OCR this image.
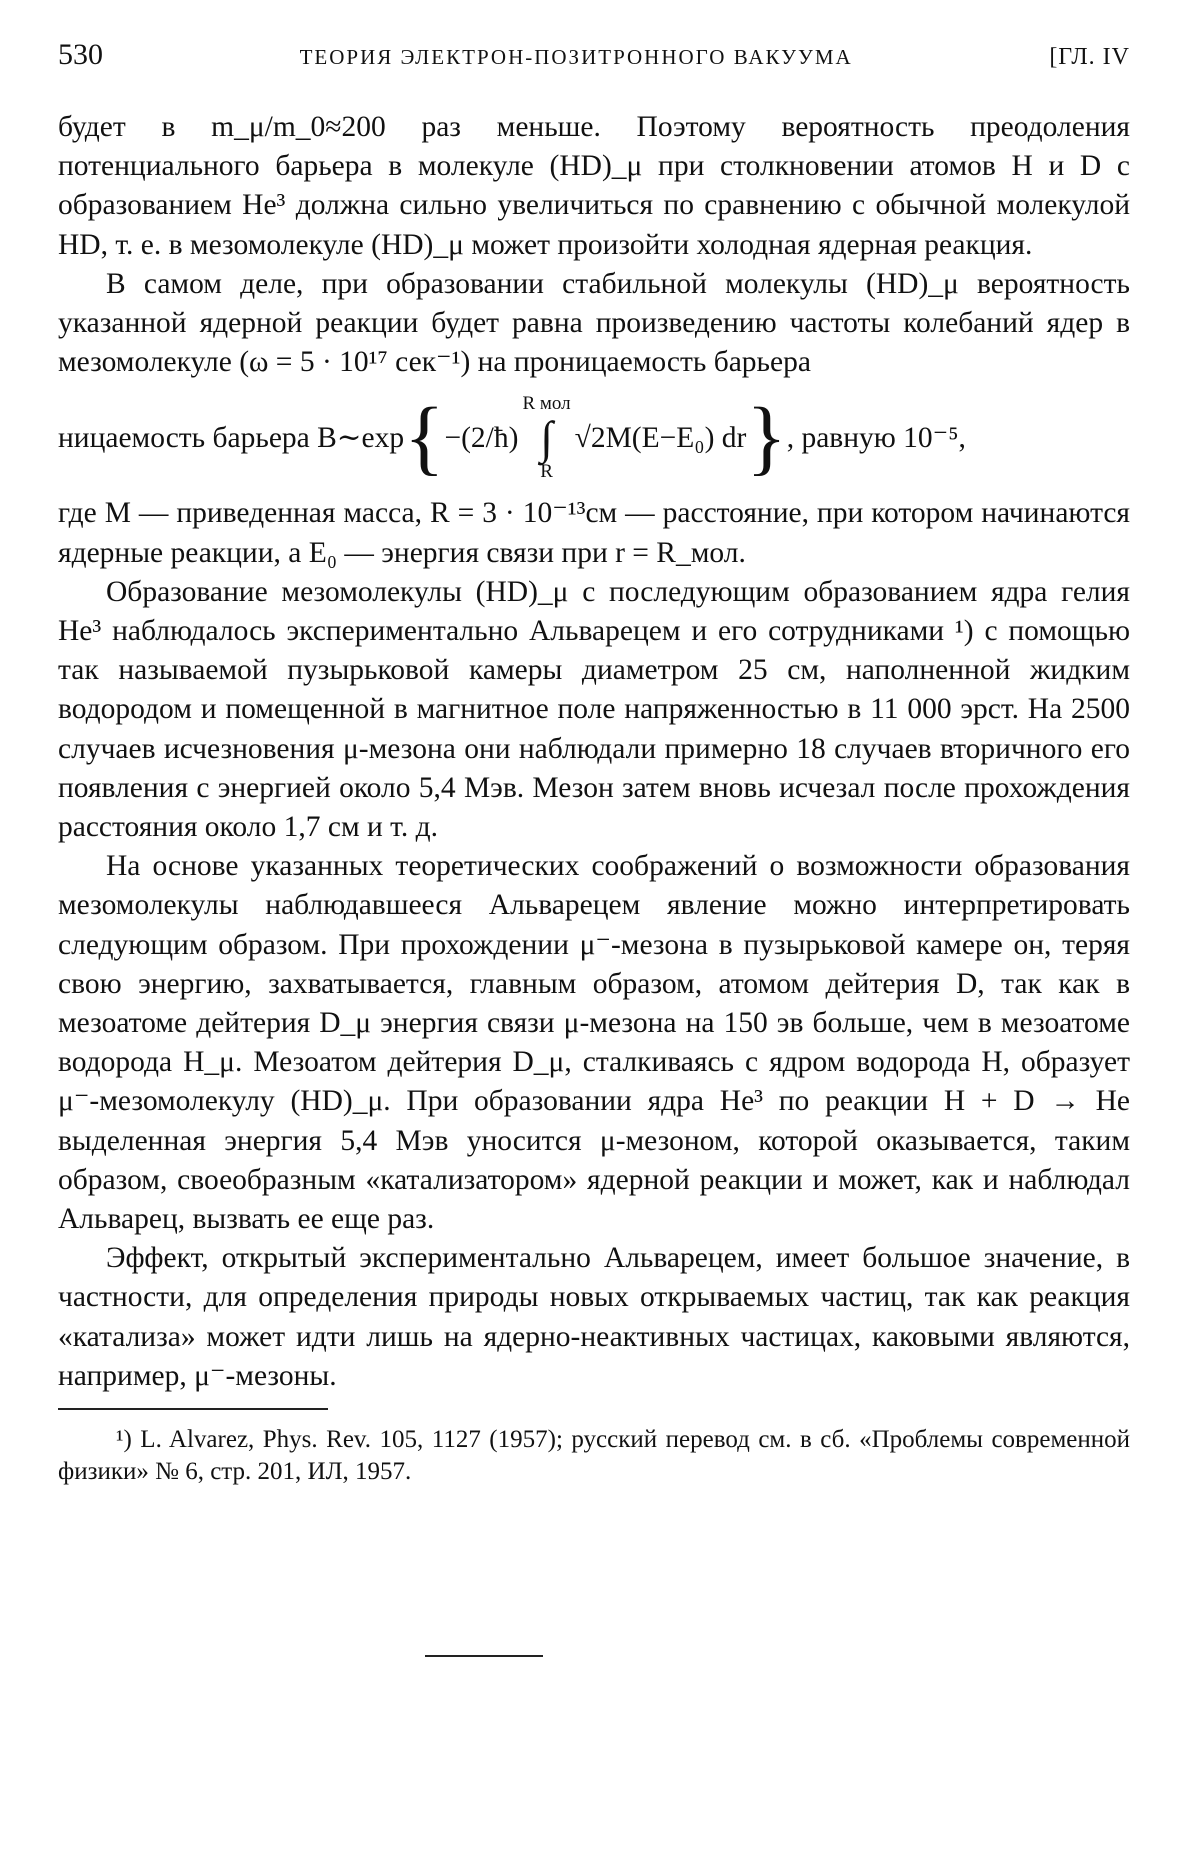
530	ТЕОРИЯ ЭЛЕКТРОН-ПОЗИТРОННОГО ВАКУУМА	[ГЛ. IV

будет в m_μ/m_0≈200 раз меньше. Поэтому вероятность преодоления потенциального барьера в молекуле (HD)_μ при столкновении атомов H и D с образованием He³ должна сильно увеличиться по сравнению с обычной молекулой HD, т. е. в мезомолекуле (HD)_μ может произойти холодная ядерная реакция.

В самом деле, при образовании стабильной молекулы (HD)_μ вероятность указанной ядерной реакции будет равна произведению частоты колебаний ядер в мезомолекуле (ω = 5 · 10¹⁷ сек⁻¹) на проницаемость барьера

ницаемость барьера B∼exp { −(2/ħ)
R мол
∫
R
√2M(E−E₀) dr } , равную 10⁻⁵,

где M — приведенная масса, R = 3 · 10⁻¹³см — расстояние, при котором начинаются ядерные реакции, а E₀ — энергия связи при r = R_мол.

Образование мезомолекулы (HD)_μ с последующим образованием ядра гелия He³ наблюдалось экспериментально Альварецем и его сотрудниками ¹) с помощью так называемой пузырьковой камеры диаметром 25 см, наполненной жидким водородом и помещенной в магнитное поле напряженностью в 11 000 эрст. На 2500 случаев исчезновения μ-мезона они наблюдали примерно 18 случаев вторичного его появления с энергией около 5,4 Мэв. Мезон затем вновь исчезал после прохождения расстояния около 1,7 см и т. д.

На основе указанных теоретических соображений о возможности образования мезомолекулы наблюдавшееся Альварецем явление можно интерпретировать следующим образом. При прохождении μ⁻-мезона в пузырьковой камере он, теряя свою энергию, захватывается, главным образом, атомом дейтерия D, так как в мезоатоме дейтерия D_μ энергия связи μ-мезона на 150 эв больше, чем в мезоатоме водорода H_μ. Мезоатом дейтерия D_μ, сталкиваясь с ядром водорода H, образует μ⁻-мезомолекулу (HD)_μ. При образовании ядра He³ по реакции H + D → He выделенная энергия 5,4 Мэв уносится μ-мезоном, которой оказывается, таким образом, своеобразным «катализатором» ядерной реакции и может, как и наблюдал Альварец, вызвать ее еще раз.

Эффект, открытый экспериментально Альварецем, имеет большое значение, в частности, для определения природы новых открываемых частиц, так как реакция «катализа» может идти лишь на ядерно-неактивных частицах, каковыми являются, например, μ⁻-мезоны.

¹) L. Alvarez, Phys. Rev. 105, 1127 (1957); русский перевод см. в сб. «Проблемы современной физики» № 6, стр. 201, ИЛ, 1957.
